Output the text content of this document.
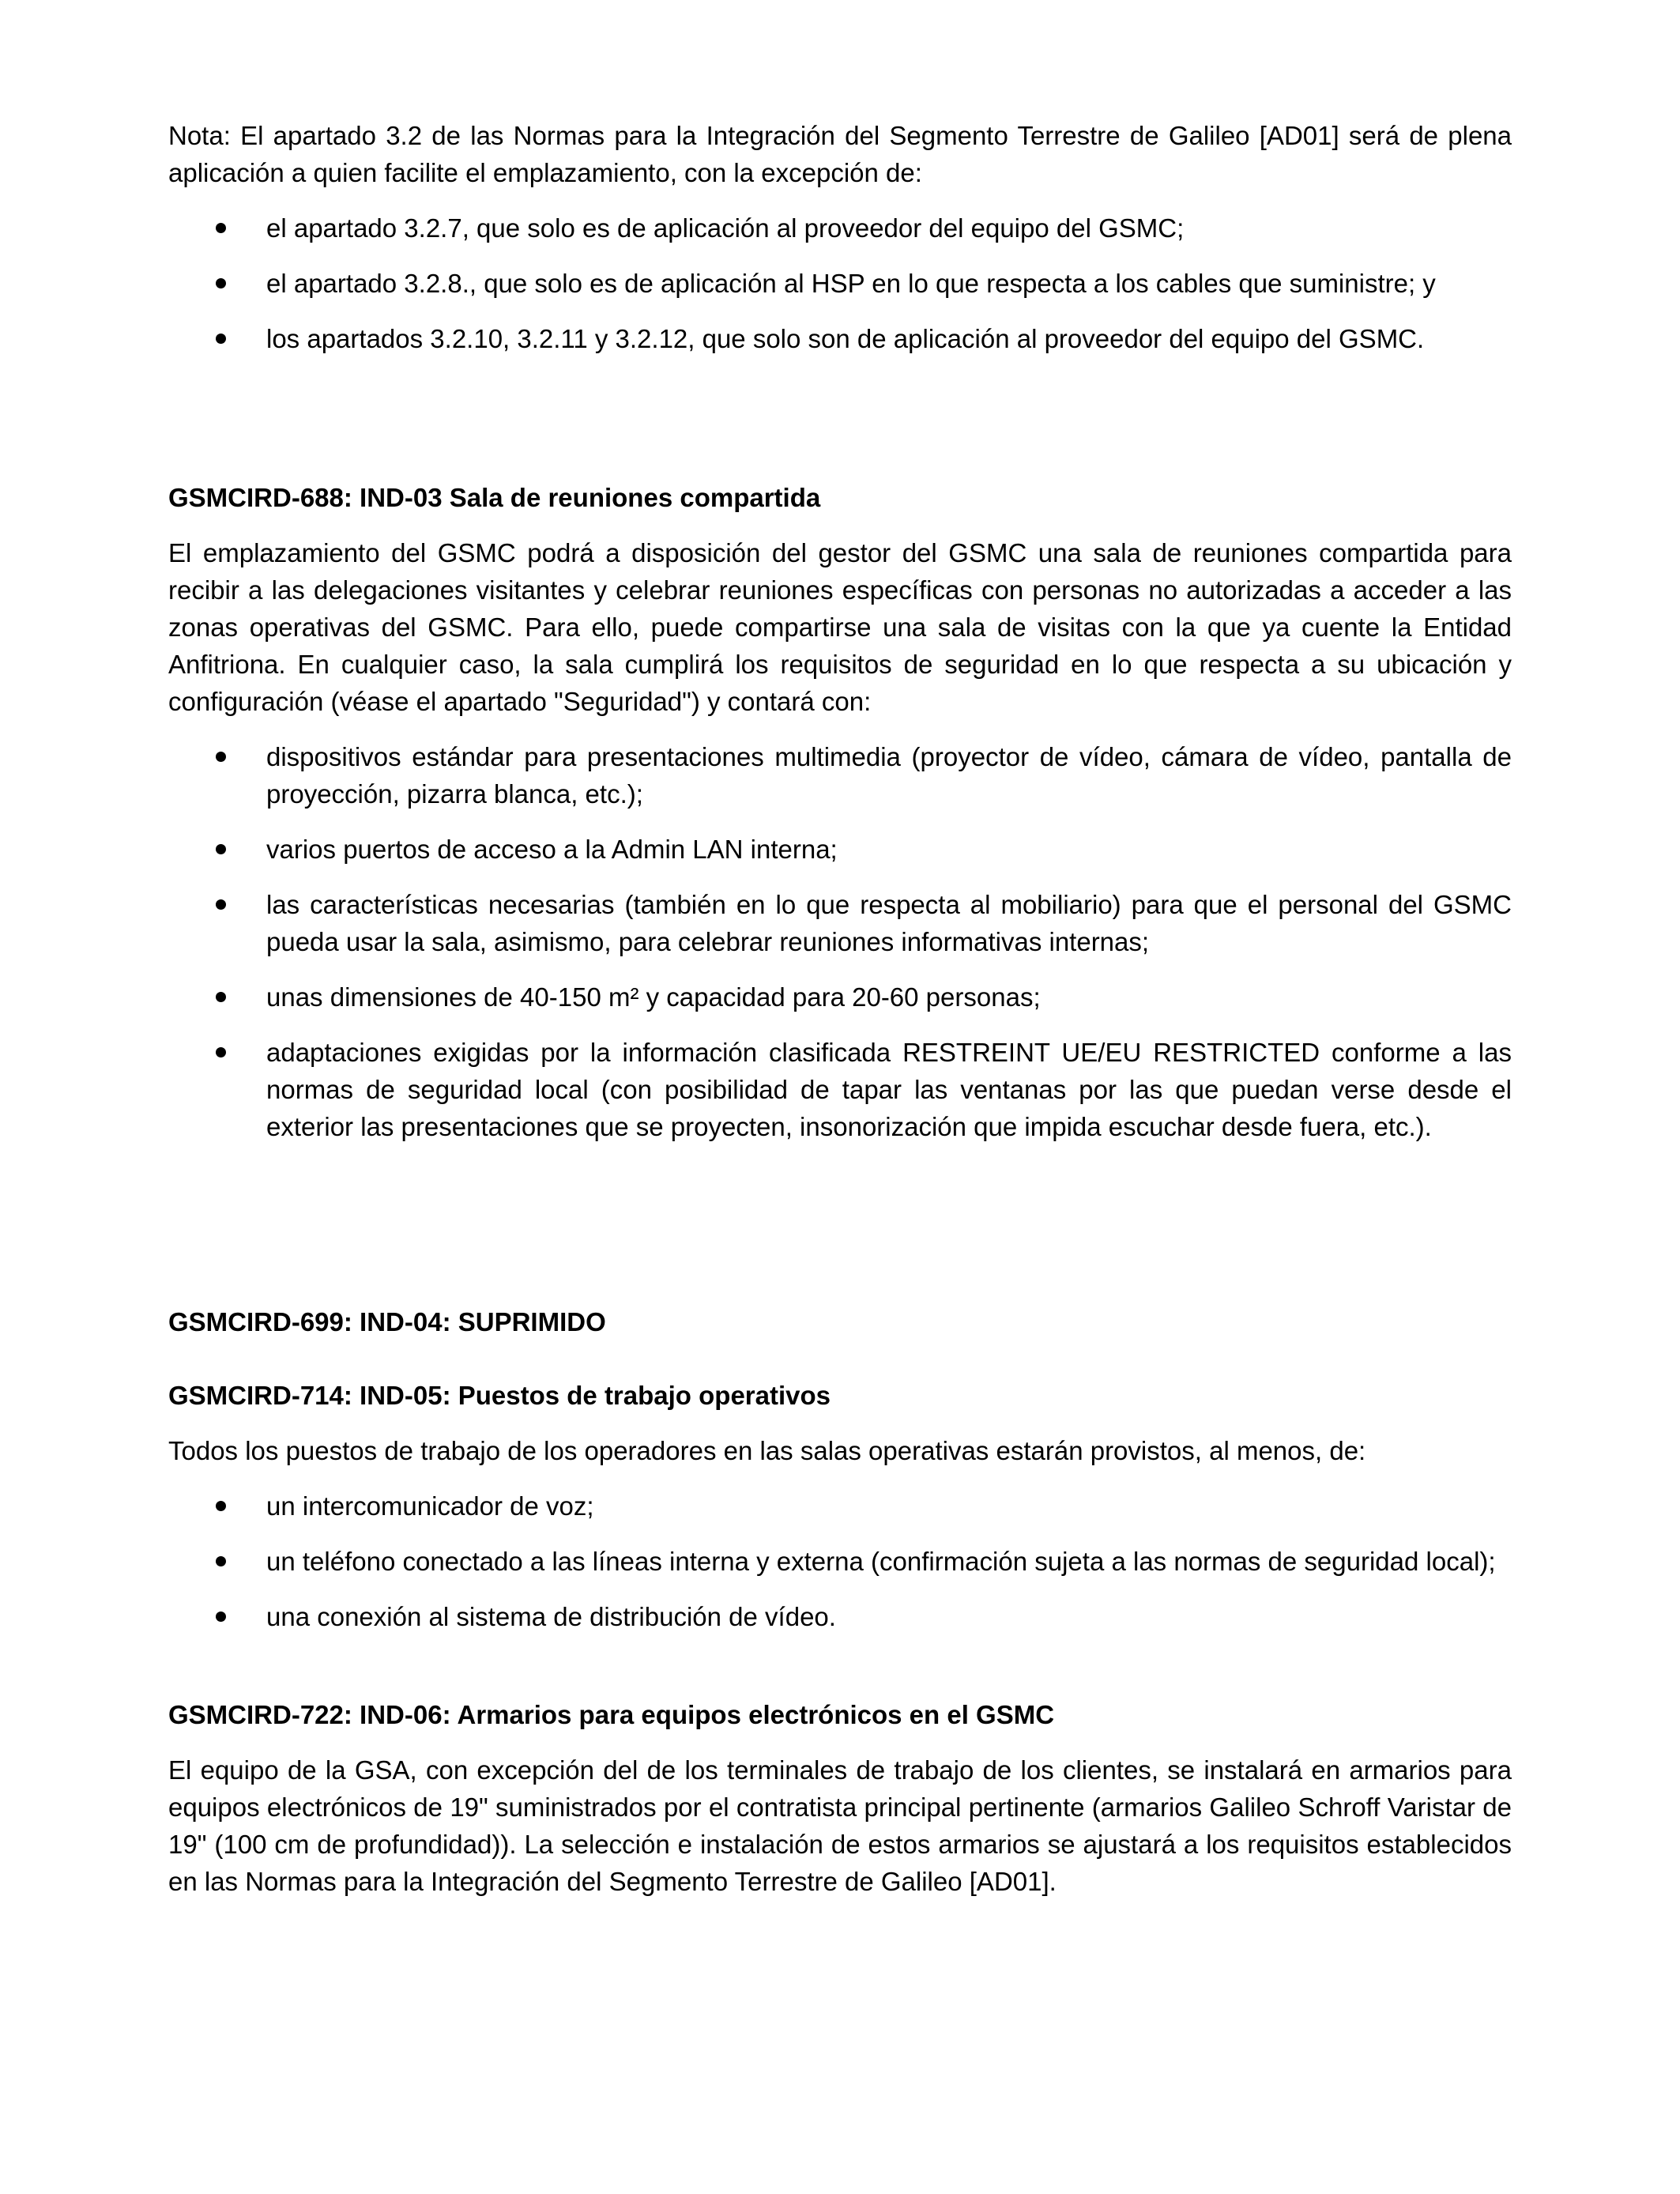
Nota: El apartado 3.2 de las Normas para la Integración del Segmento Terrestre de Galileo [AD01] será de plena aplicación a quien facilite el emplazamiento, con la excepción de:

el apartado 3.2.7, que solo es de aplicación al proveedor del equipo del GSMC;
el apartado 3.2.8., que solo es de aplicación al HSP en lo que respecta a los cables que suministre; y
los apartados 3.2.10, 3.2.11 y 3.2.12, que solo son de aplicación al proveedor del equipo del GSMC.

GSMCIRD-688: IND-03 Sala de reuniones compartida

El emplazamiento del GSMC podrá a disposición del gestor del GSMC una sala de reuniones compartida para recibir a las delegaciones visitantes y celebrar reuniones específicas con personas no autorizadas a acceder a las zonas operativas del GSMC. Para ello, puede compartirse una sala de visitas con la que ya cuente la Entidad Anfitriona. En cualquier caso, la sala cumplirá los requisitos de seguridad en lo que respecta a su ubicación y configuración (véase el apartado "Seguridad") y contará con:

dispositivos estándar para presentaciones multimedia (proyector de vídeo, cámara de vídeo, pantalla de proyección, pizarra blanca, etc.);
varios puertos de acceso a la Admin LAN interna;
las características necesarias (también en lo que respecta al mobiliario) para que el personal del GSMC pueda usar la sala, asimismo, para celebrar reuniones informativas internas;
unas dimensiones de 40-150 m² y capacidad para 20-60 personas;
adaptaciones exigidas por la información clasificada RESTREINT UE/EU RESTRICTED conforme a las normas de seguridad local (con posibilidad de tapar las ventanas por las que puedan verse desde el exterior las presentaciones que se proyecten, insonorización que impida escuchar desde fuera, etc.).

GSMCIRD-699: IND-04: SUPRIMIDO

GSMCIRD-714: IND-05: Puestos de trabajo operativos

Todos los puestos de trabajo de los operadores en las salas operativas estarán provistos, al menos, de:

un intercomunicador de voz;
un teléfono conectado a las líneas interna y externa (confirmación sujeta a las normas de seguridad local);
una conexión al sistema de distribución de vídeo.

GSMCIRD-722: IND-06: Armarios para equipos electrónicos en el GSMC

El equipo de la GSA, con excepción del de los terminales de trabajo de los clientes, se instalará en armarios para equipos electrónicos de 19" suministrados por el contratista principal pertinente (armarios Galileo Schroff Varistar de 19" (100 cm de profundidad)). La selección e instalación de estos armarios se ajustará a los requisitos establecidos en las Normas para la Integración del Segmento Terrestre de Galileo [AD01].
